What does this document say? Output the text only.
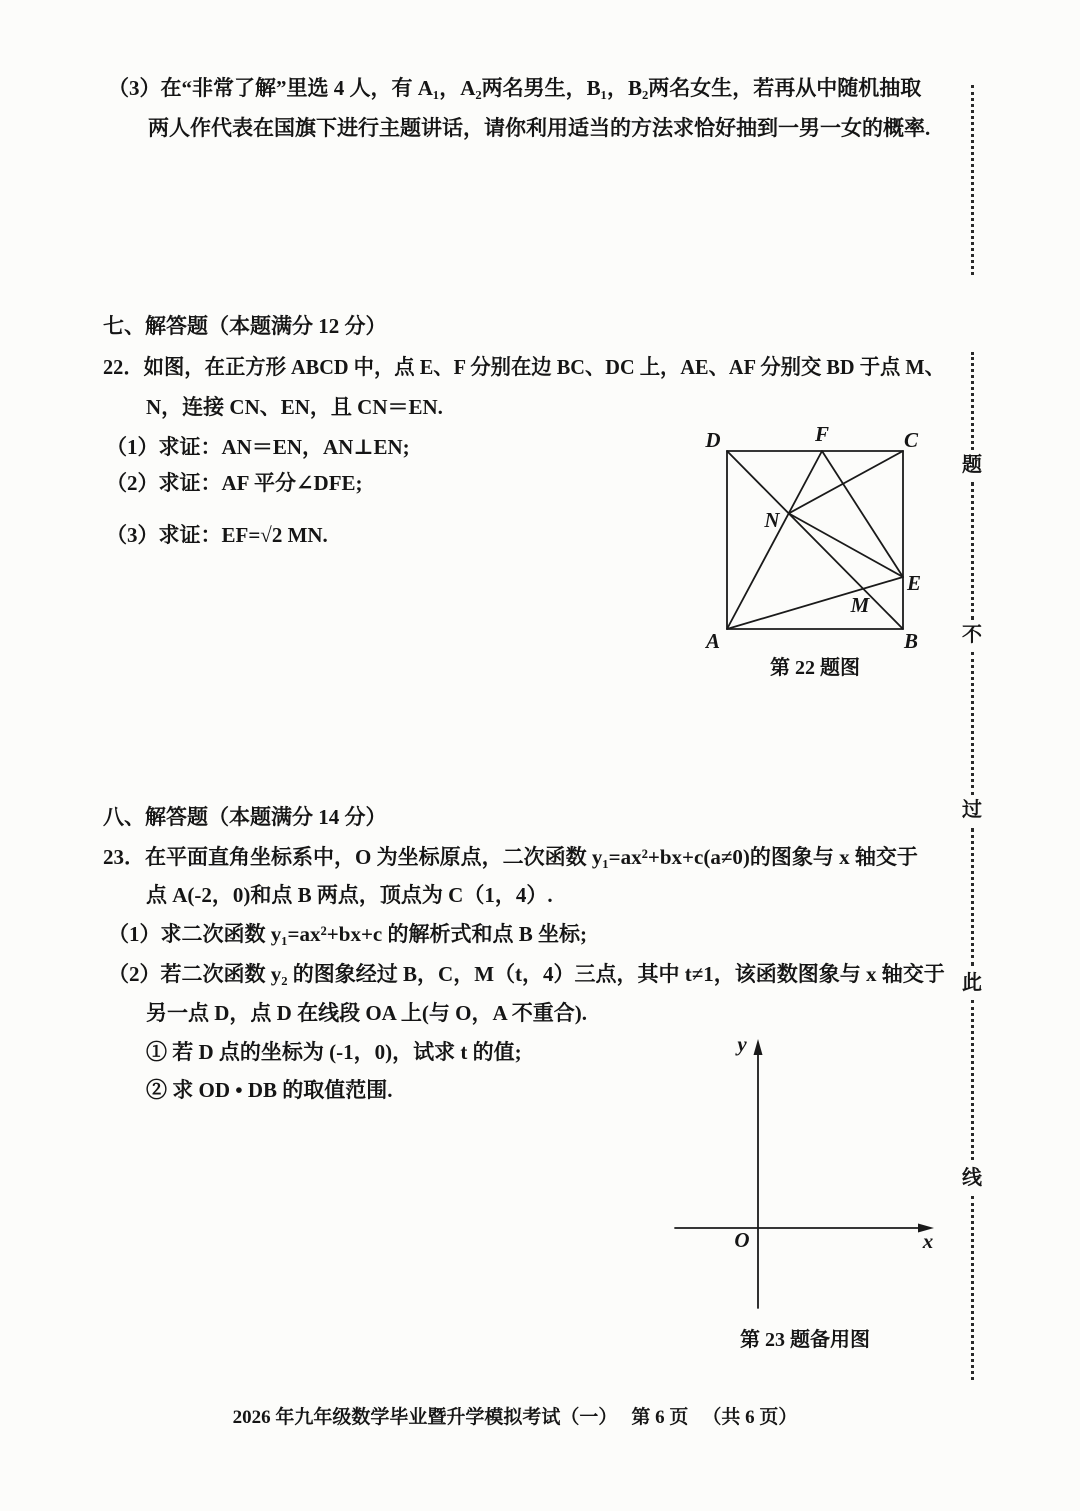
（3）在“非常了解”里选 4 人，有 A₁，A₂两名男生，B₁，B₂两名女生，若再从中随机抽取
两人作代表在国旗下进行主题讲话，请你利用适当的方法求恰好抽到一男一女的概率.
七、解答题（本题满分 12 分）
22．如图，在正方形 ABCD 中，点 E、F 分别在边 BC、DC 上，AE、AF 分别交 BD 于点 M、
N，连接 CN、EN，且 CN＝EN.
（1）求证：AN＝EN，AN⊥EN;
（2）求证：AF 平分∠DFE;
（3）求证：EF=√2 MN.
D	F	C
N
E
M
A	B
第 22 题图
八、解答题（本题满分 14 分）
23．在平面直角坐标系中，O 为坐标原点，二次函数 y₁=ax²+bx+c(a≠0)的图象与 x 轴交于
点 A(-2，0)和点 B 两点，顶点为 C（1，4）.
（1）求二次函数 y₁=ax²+bx+c 的解析式和点 B 坐标;
（2）若二次函数 y₂ 的图象经过 B，C，M（t，4）三点，其中 t≠1，该函数图象与 x 轴交于
另一点 D，点 D 在线段 OA 上(与 O，A 不重合).
① 若 D 点的坐标为 (-1，0)，试求 t 的值;
② 求 OD • DB 的取值范围.
y
x
O
第 23 题备用图
2026 年九年级数学毕业暨升学模拟考试（一） 第 6 页 （共 6 页）
题
不
过
此
线
